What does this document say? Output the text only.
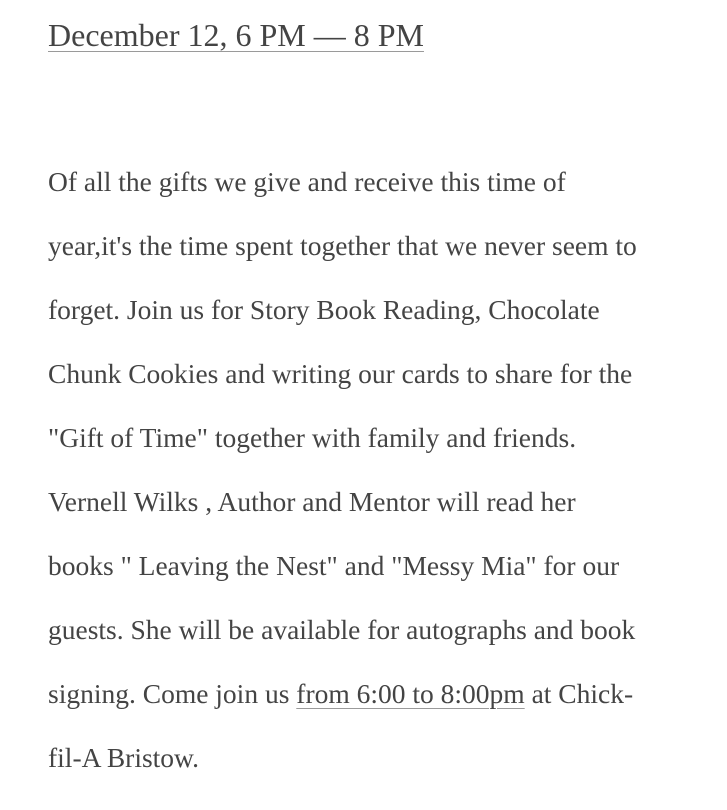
December 12, 6 PM — 8 PM

Of all the gifts we give and receive this time of
year,it's the time spent together that we never seem to
forget. Join us for Story Book Reading, Chocolate
Chunk Cookies and writing our cards to share for the
"Gift of Time" together with family and friends.
Vernell Wilks , Author and Mentor will read her
books " Leaving the Nest" and "Messy Mia" for our
guests. She will be available for autographs and book
signing. Come join us from 6:00 to 8:00pm at Chick-
fil-A Bristow.
